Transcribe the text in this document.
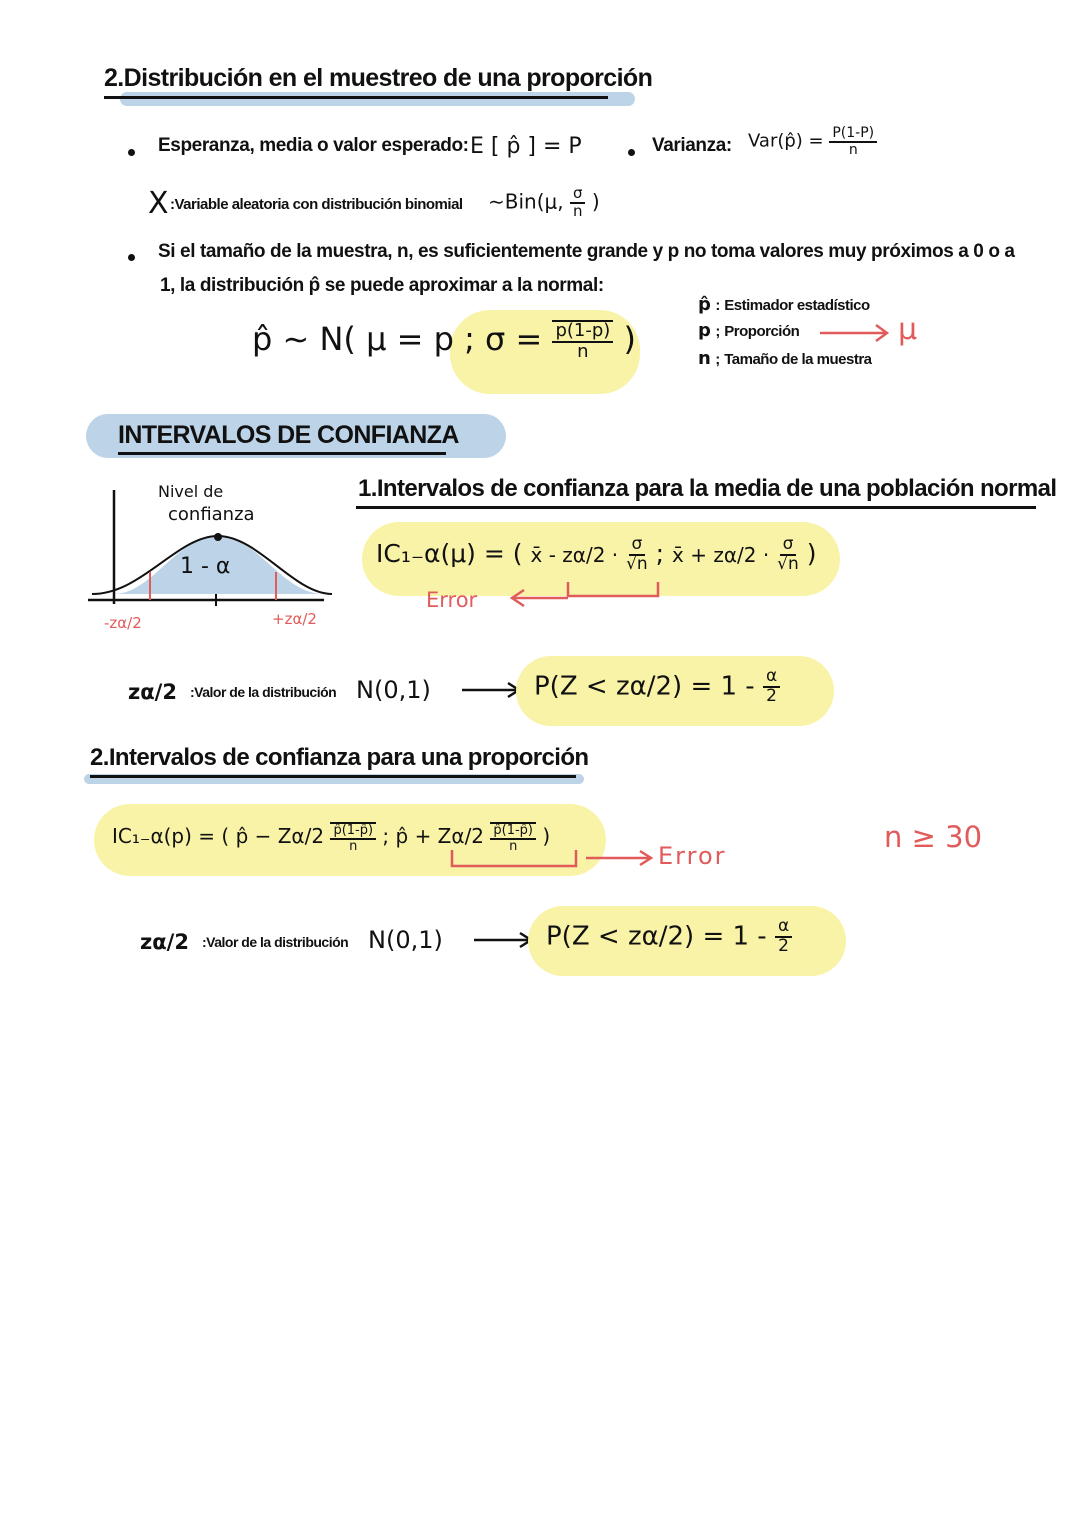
2.Distribución en el muestreo de una proporción
Esperanza, media o valor esperado: E [ p̂ ] = P	Varianza: Var(p̂) = $\frac{P(1-P)}{n}$
X :Variable aleatoria con distribución binomial ∼Bin(μ, $\frac{\sigma}{n}$ )
Si el tamaño de la muestra, n, es suficientemente grande y p no toma valores muy próximos a 0 o a
1, la distribución p̂ se puede aproximar a la normal:
p̂ ∼ N( μ = p ; $\sigma = \frac{p(1-p)}{n}$ )
p̂ : Estimador estadístico
p ; Proporción
n ; Tamaño de la muestra
μ
INTERVALOS DE CONFIANZA
Nivel de
confianza
1 - α
-zα/2	+zα/2
1.Intervalos de confianza para la media de una población normal
IC₁₋α(μ) = ( x̄ - $z\alpha/2 \cdot \frac{\sigma}{√n}$ ; x̄ + $z\alpha/2 \cdot \frac{\sigma}{√n}$ )
Error
zα/2 :Valor de la distribución N(0,1)	$P(Z < z\alpha/2) = 1 - \frac{\alpha}{2}$
2.Intervalos de confianza para una proporción
IC₁₋α(p) = ( p̂ − $Z\alpha/2 \frac{p̂(1-p̂)}{n}$ ; p̂ + $Z\alpha/2 \frac{p̂(1-p̂)}{n}$ )
Error
n ≥ 30
zα/2 :Valor de la distribución N(0,1)	$P(Z < z\alpha/2) = 1 - \frac{\alpha}{2}$
